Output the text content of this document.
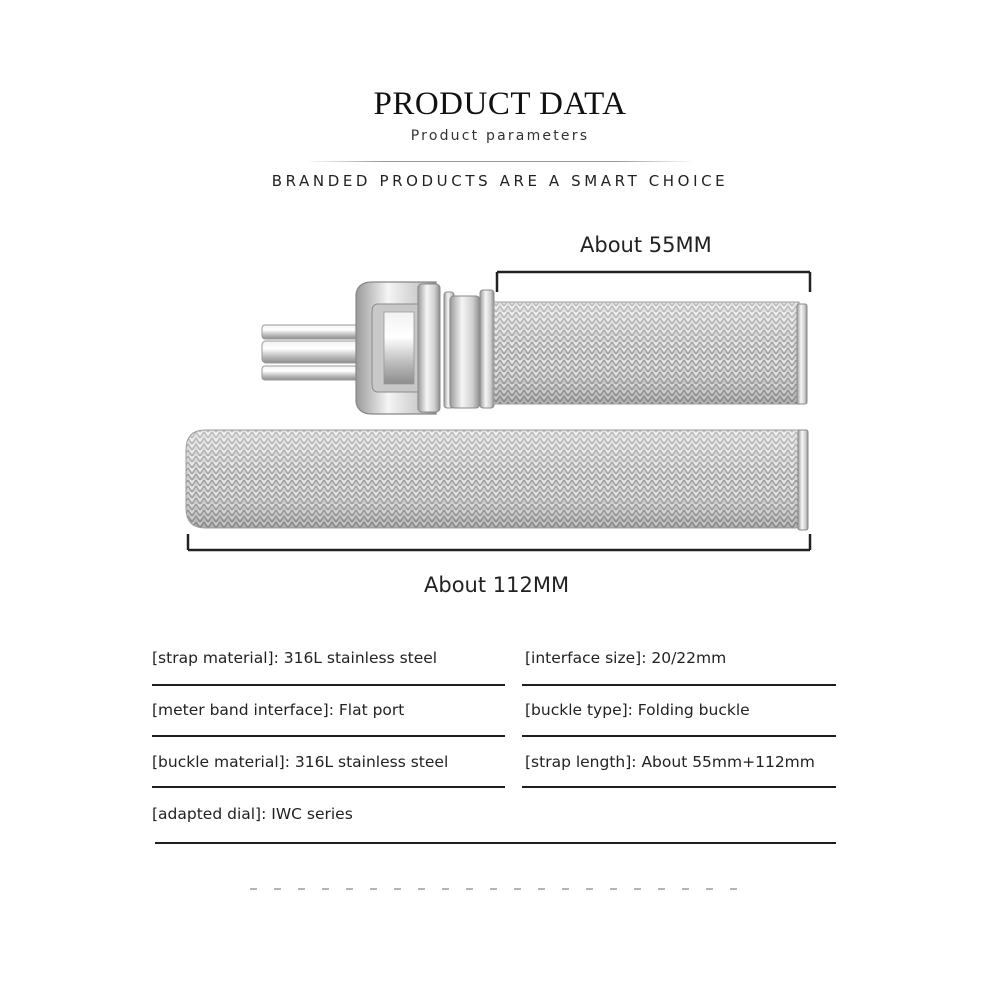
PRODUCT DATA
Product parameters
BRANDED PRODUCTS ARE A SMART CHOICE
About 55MM
About 112MM
[strap material]: 316L stainless steel	[interface size]: 20/22mm
[meter band interface]: Flat port	[buckle type]: Folding buckle
[buckle material]: 316L stainless steel	[strap length]: About 55mm+112mm
[adapted dial]: IWC series
